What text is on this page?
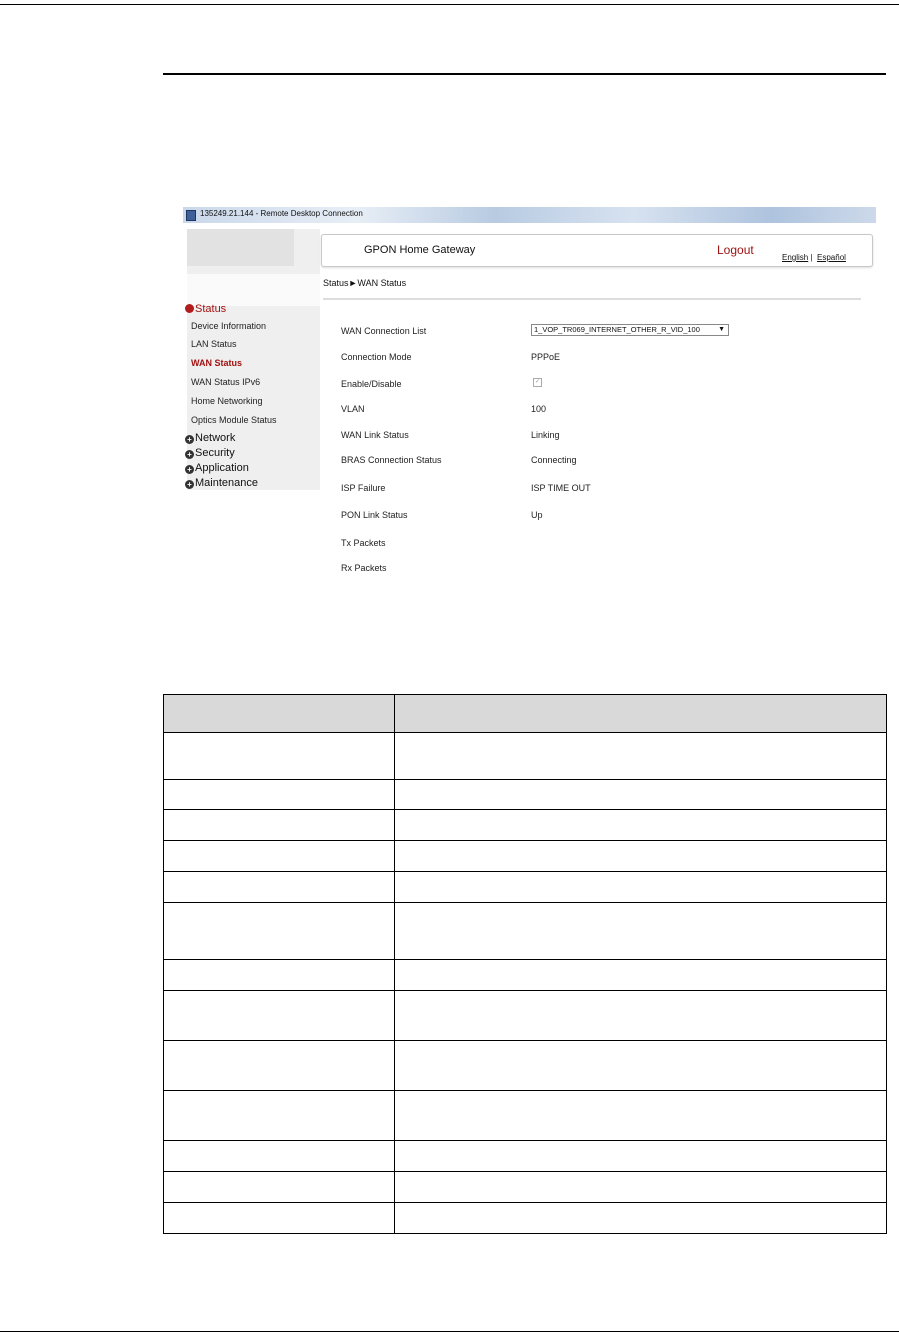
135249.21.144 - Remote Desktop Connection
Status
Device Information
LAN Status
WAN Status
WAN Status IPv6
Home Networking
Optics Module Status
+ Network
+ Security
+ Application
+ Maintenance
GPON Home Gateway	Logout
English | Español
Status►WAN Status
WAN Connection List	1_VOP_TR069_INTERNET_OTHER_R_VID_100	▼
Connection Mode	PPPoE
Enable/Disable	✓
VLAN	100
WAN Link Status	Linking
BRAS Connection Status	Connecting
ISP Failure	ISP TIME OUT
PON Link Status	Up
Tx Packets
Rx Packets
